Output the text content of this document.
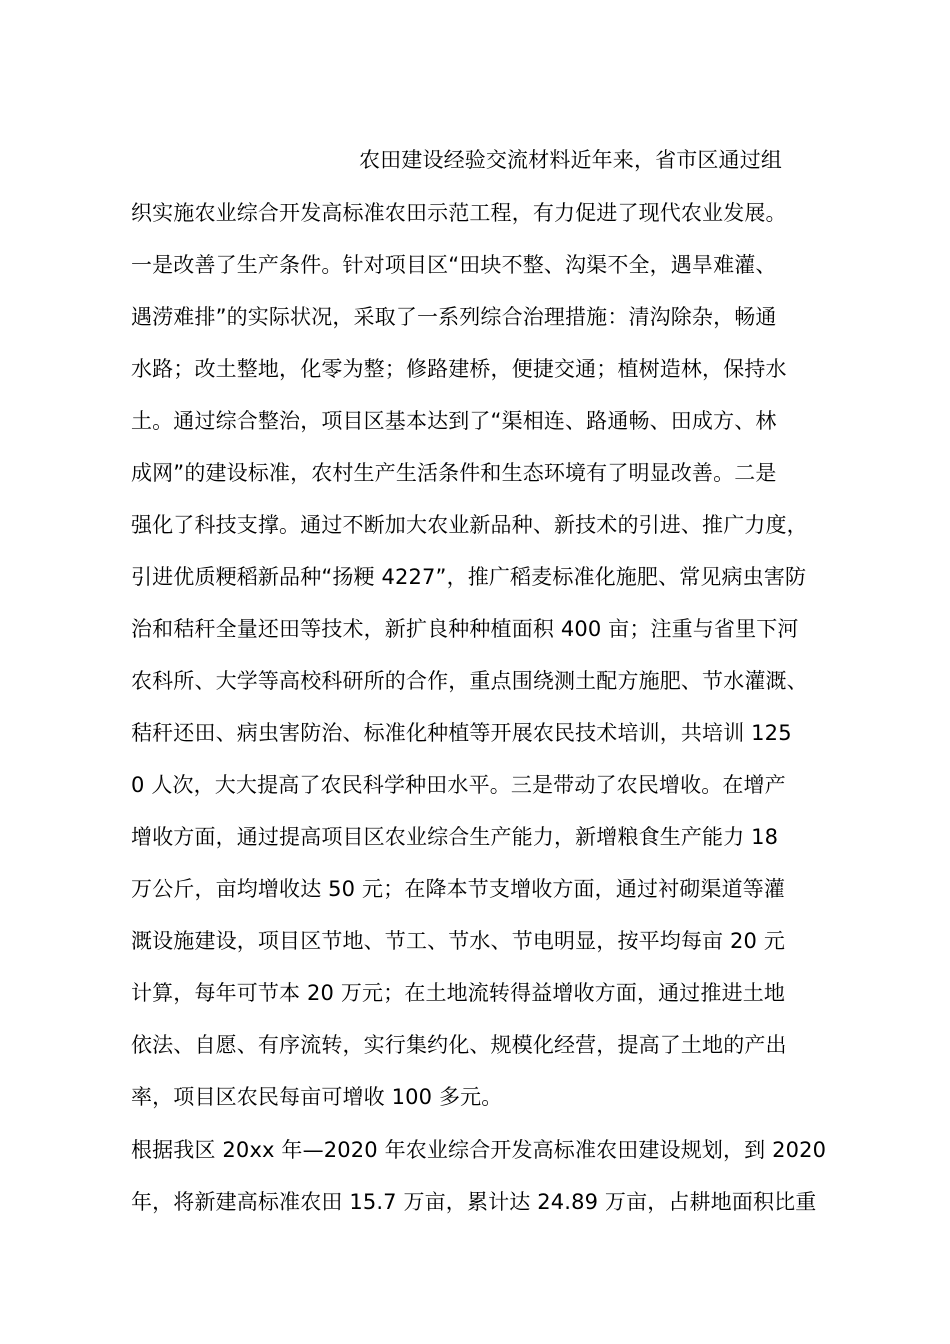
农田建设经验交流材料近年来，省市区通过组
织实施农业综合开发高标准农田示范工程，有力促进了现代农业发展。
一是改善了生产条件。针对项目区“田块不整、沟渠不全，遇旱难灌、
遇涝难排”的实际状况，采取了一系列综合治理措施：清沟除杂，畅通
水路；改土整地，化零为整；修路建桥，便捷交通；植树造林，保持水
土。通过综合整治，项目区基本达到了“渠相连、路通畅、田成方、林
成网”的建设标准，农村生产生活条件和生态环境有了明显改善。二是
强化了科技支撑。通过不断加大农业新品种、新技术的引进、推广力度，
引进优质粳稻新品种“扬粳 4227”，推广稻麦标准化施肥、常见病虫害防
治和秸秆全量还田等技术，新扩良种种植面积 400 亩；注重与省里下河
农科所、大学等高校科研所的合作，重点围绕测土配方施肥、节水灌溉、
秸秆还田、病虫害防治、标准化种植等开展农民技术培训，共培训 125
0 人次，大大提高了农民科学种田水平。三是带动了农民增收。在增产
增收方面，通过提高项目区农业综合生产能力，新增粮食生产能力 18
万公斤，亩均增收达 50 元；在降本节支增收方面，通过衬砌渠道等灌
溉设施建设，项目区节地、节工、节水、节电明显，按平均每亩 20 元
计算，每年可节本 20 万元；在土地流转得益增收方面，通过推进土地
依法、自愿、有序流转，实行集约化、规模化经营，提高了土地的产出
率，项目区农民每亩可增收 100 多元。
根据我区 20xx 年—2020 年农业综合开发高标准农田建设规划，到 2020
年，将新建高标准农田 15.7 万亩，累计达 24.89 万亩，占耕地面积比重
